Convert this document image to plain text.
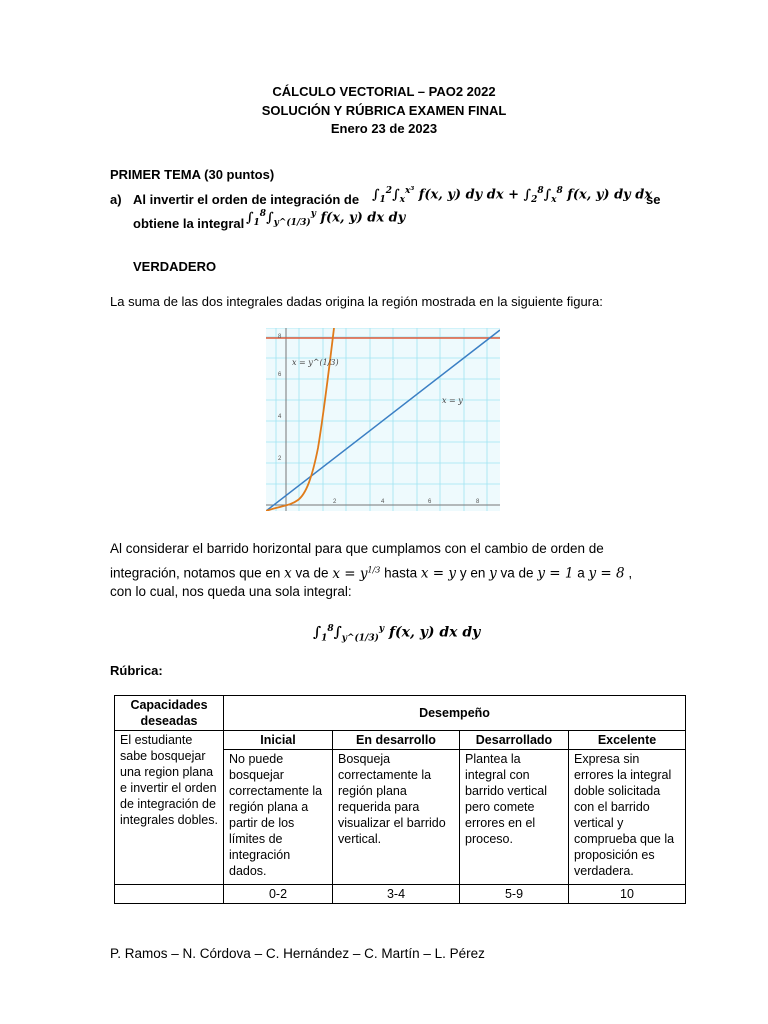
CÁLCULO VECTORIAL – PAO2 2022
SOLUCIÓN Y RÚBRICA EXAMEN FINAL
Enero 23 de 2023
PRIMER TEMA (30 puntos)
a) Al invertir el orden de integración de $\int_1^2\int_x^{x^3}$ f(x, y) dy dx + $\int_2^8\int_x^8$ f(x, y) dy dx
se
obtiene la integral $\int_1^8\int_{y\^{}(1/3)}^y$ f(x, y) dx dy
VERDADERO
La suma de las dos integrales dadas origina la región mostrada en la siguiente figura:
2	4	6	8
2
4
6
8
x = y^(1/3)
x = y
Al considerar el barrido horizontal para que cumplamos con el cambio de orden de
integración, notamos que en x va de $x = y^{1/3}$ hasta x = y y en y va de y = 1 a y = 8 ,
con lo cual, nos queda una sola integral:
$\int_1^8\int_{y\^{}(1/3)}^y$ f(x, y) dx dy
Rúbrica:
Capacidades deseadas	Desempeño			

El estudiante sabe bosquejar una region plana e invertir el orden de integración de integrales dobles.	Inicial	En desarrollo	Desarrollado	Excelente
	No puede bosquejar correctamente la región plana a partir de los límites de integración dados.	Bosqueja correctamente la región plana requerida para visualizar el barrido vertical.	Plantea la integral con barrido vertical pero comete errores en el proceso.	Expresa sin errores la integral doble solicitada con el barrido vertical y comprueba que la proposición es verdadera.
	0-2	3-4	5-9	10
P. Ramos – N. Córdova – C. Hernández – C. Martín – L. Pérez
